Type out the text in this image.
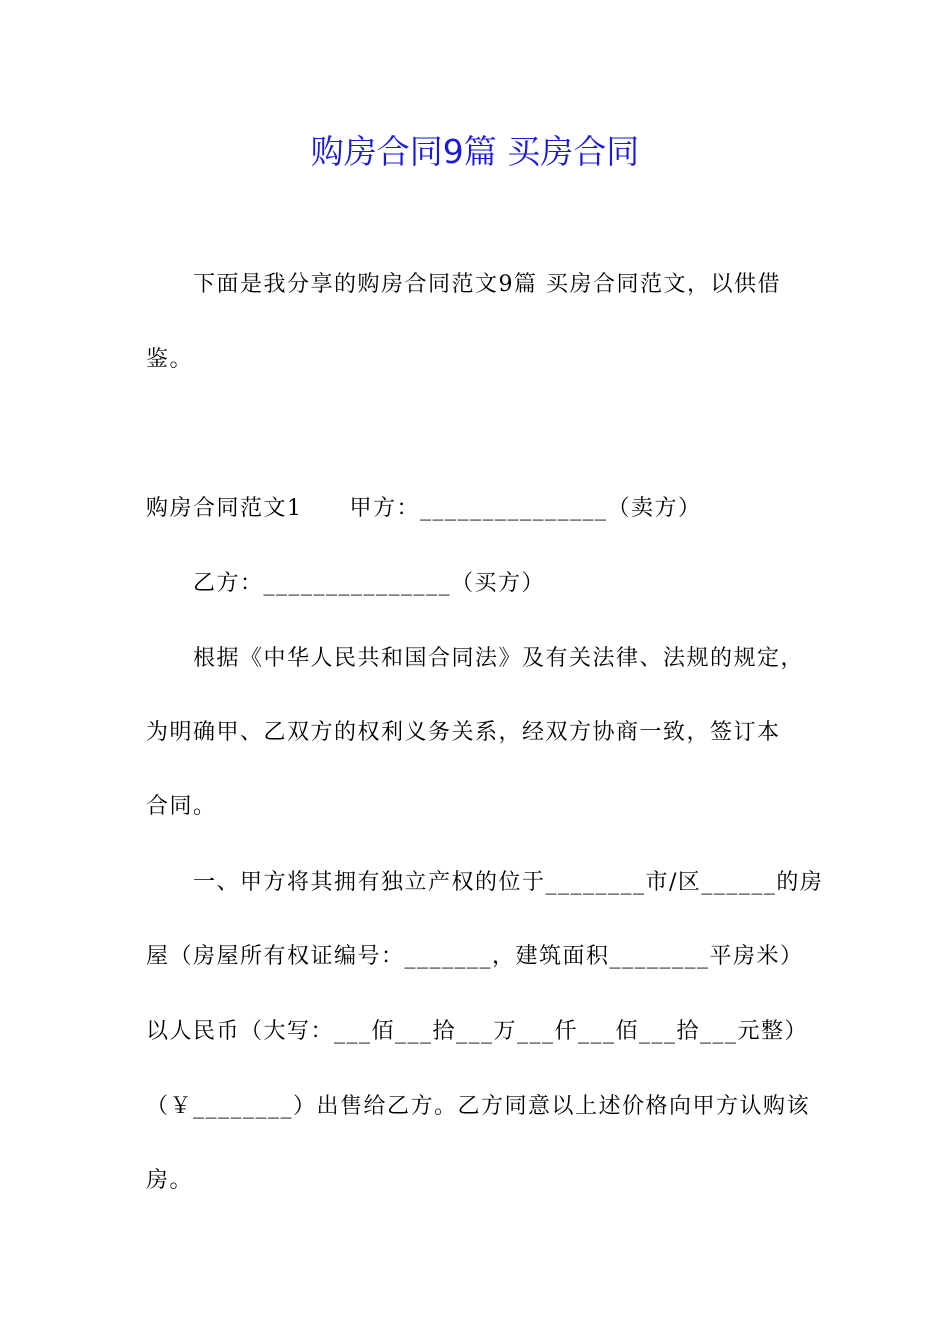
购房合同9篇 买房合同
下面是我分享的购房合同范文9篇 买房合同范文，以供借
鉴。
购房合同范文1　　甲方：_______________（卖方）
乙方：_______________（买方）
根据《中华人民共和国合同法》及有关法律、法规的规定，
为明确甲、乙双方的权利义务关系，经双方协商一致，签订本
合同。
一、甲方将其拥有独立产权的位于________市/区______的房
屋（房屋所有权证编号：_______，建筑面积________平房米）
以人民币（大写：___佰___拾___万___仟___佰___拾___元整）
（￥________）出售给乙方。乙方同意以上述价格向甲方认购该
房。
